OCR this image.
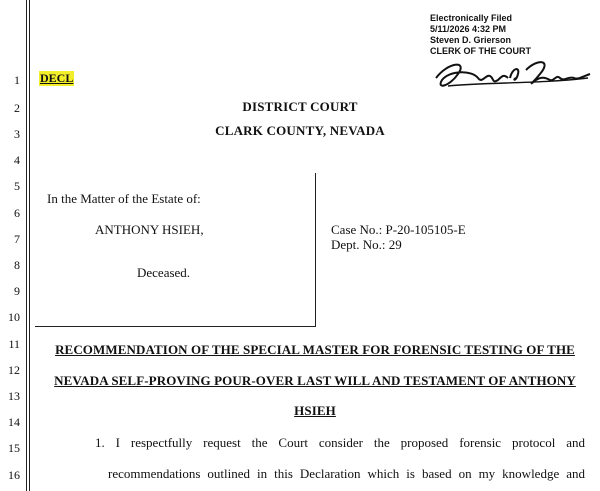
1
2
3
4
5
6
7
8
9
10
11
12
13
14
15
16
Electronically Filed
5/11/2026 4:32 PM
Steven D. Grierson
CLERK OF THE COURT
DECL
DISTRICT COURT
CLARK COUNTY, NEVADA
In the Matter of the Estate of:
ANTHONY HSIEH,
Deceased.
Case No.: P-20-105105-E
Dept. No.: 29
RECOMMENDATION OF THE SPECIAL MASTER FOR FORENSIC TESTING OF THE
NEVADA SELF-PROVING POUR-OVER LAST WILL AND TESTAMENT OF ANTHONY
HSIEH
1. I respectfully request the Court consider the proposed forensic protocol and
recommendations outlined in this Declaration which is based on my knowledge and
